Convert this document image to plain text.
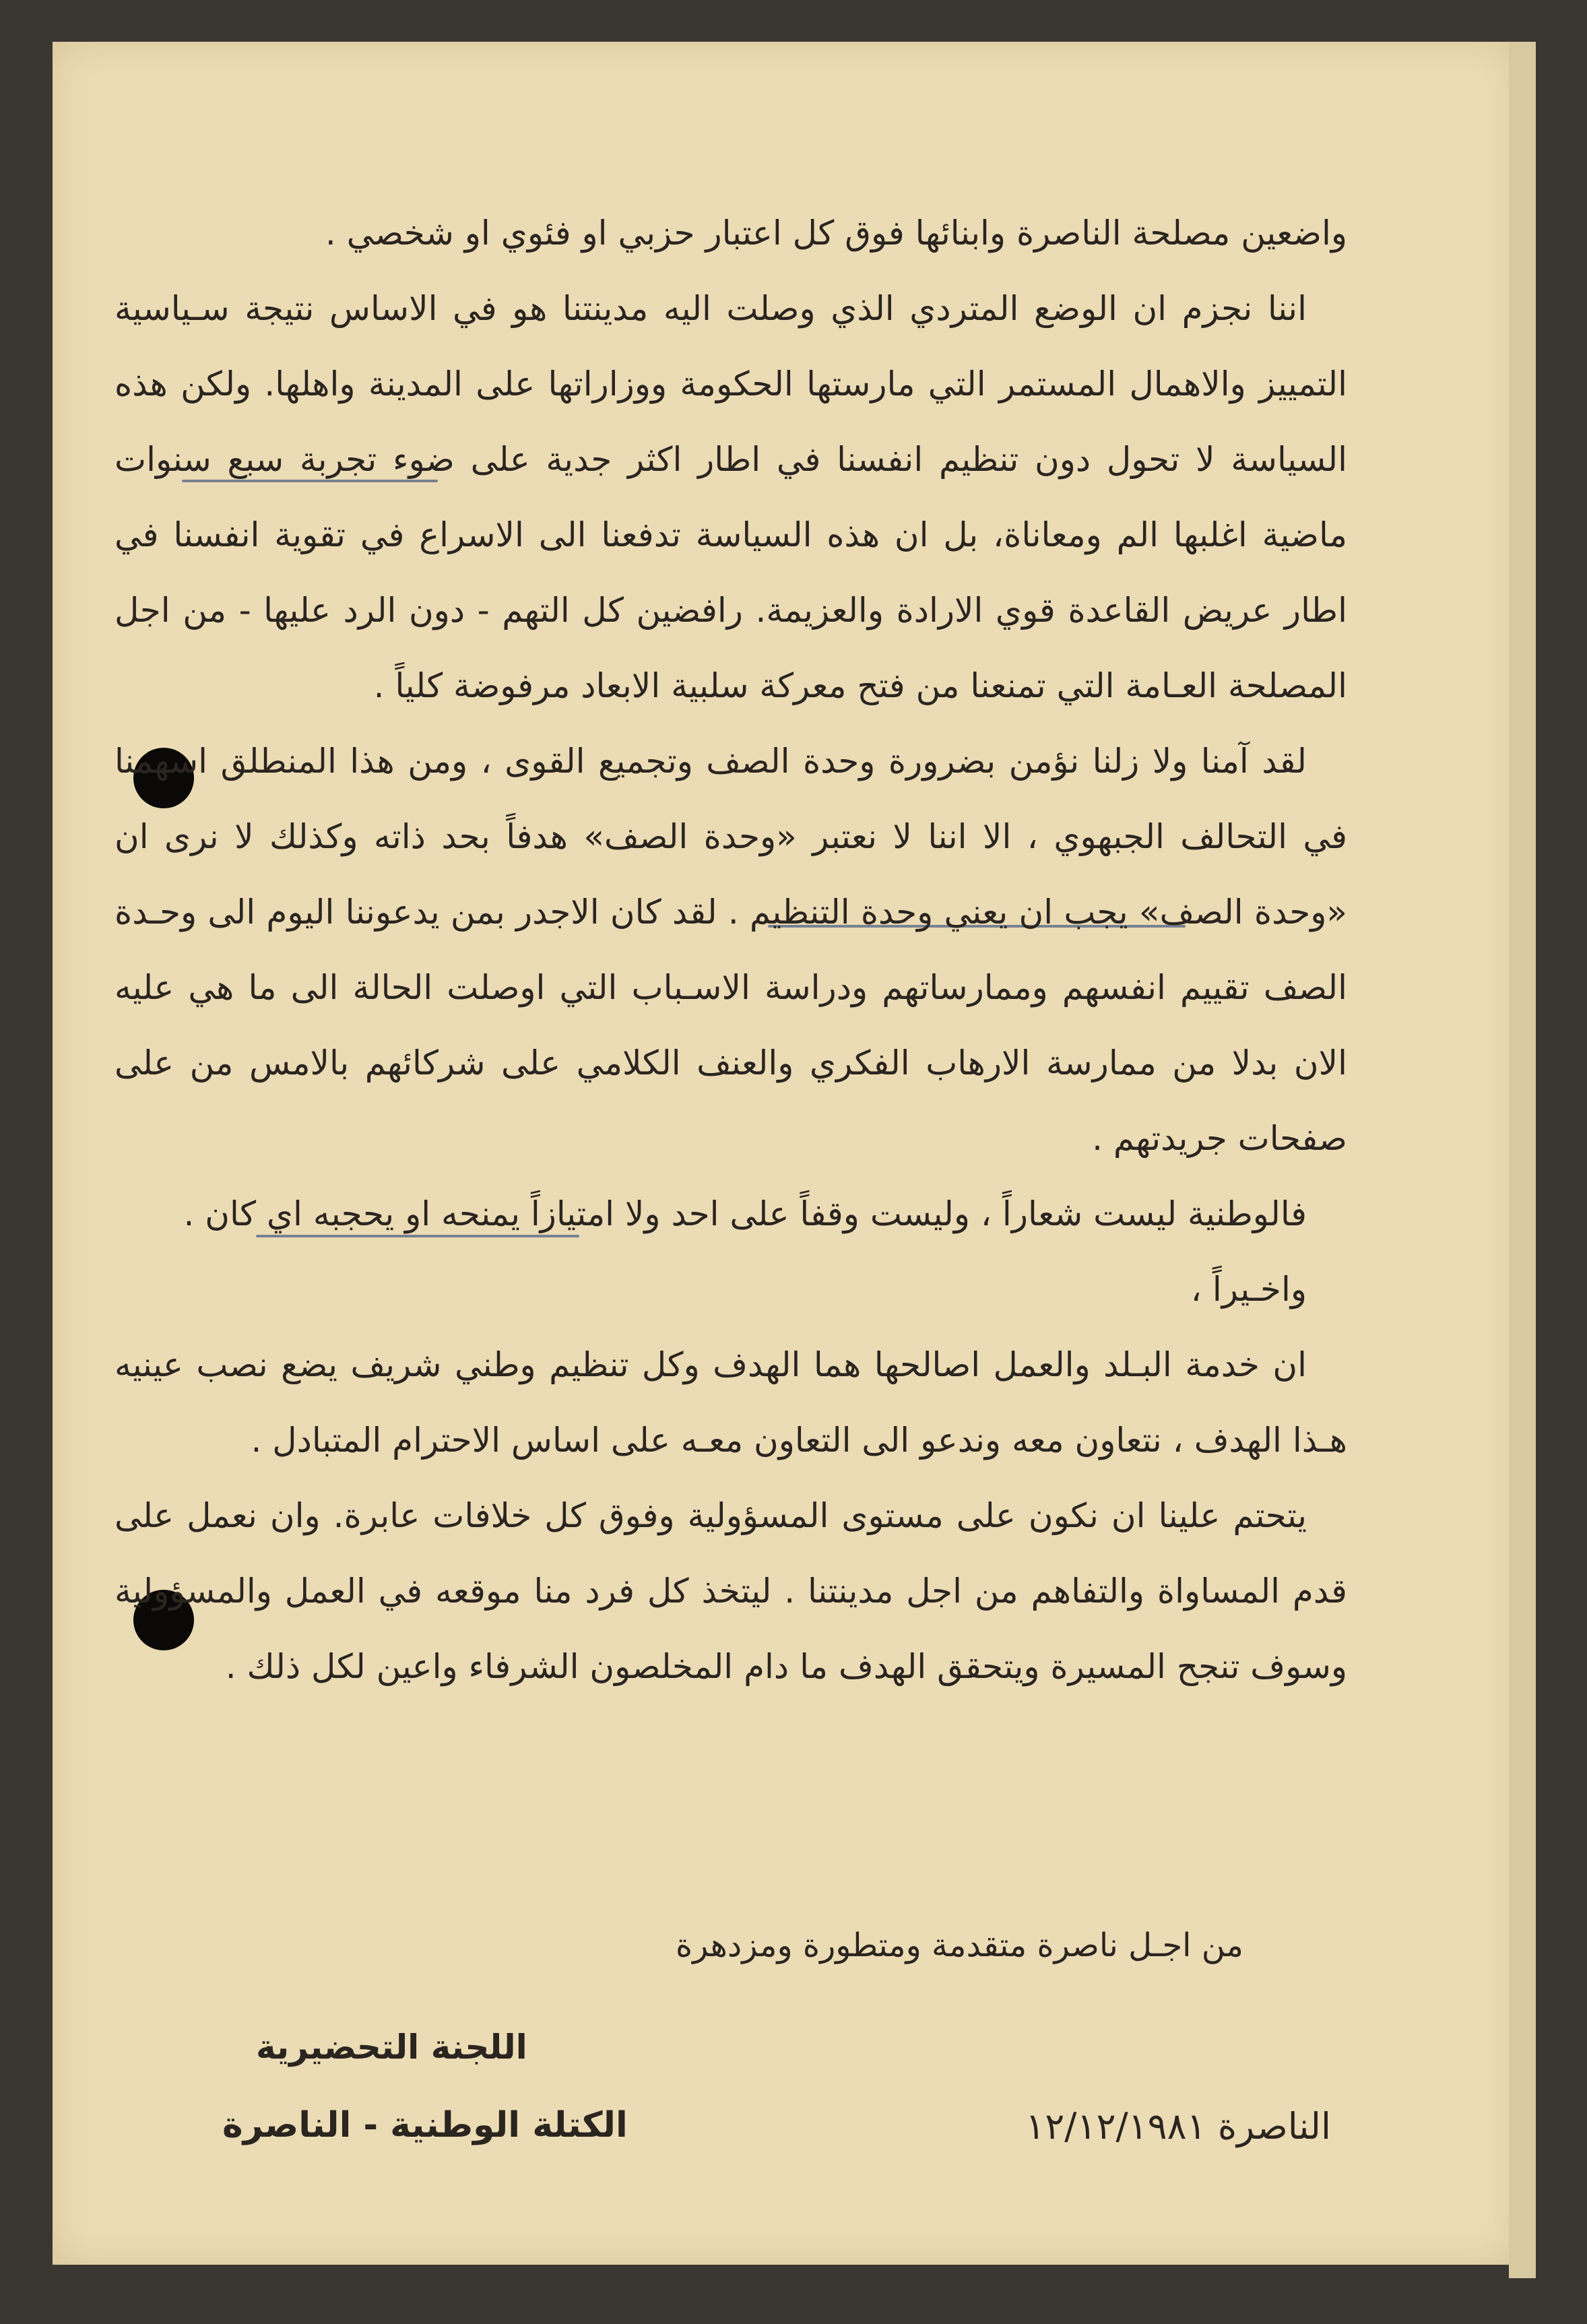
واضعين مصلحة الناصرة وابنائها فوق كل اعتبار حزبي او فئوي او شخصي .

اننا نجزم ان الوضع المتردي الذي وصلت اليه مدينتنا هو في الاساس نتيجة سـياسية التمييز والاهمال المستمر التي مارستها الحكومة ووزاراتها على المدينة واهلها. ولكن هذه السياسة لا تحول دون تنظيم انفسنا في اطار اكثر جدية على ضوء تجربة سبع سنوات ماضية اغلبها الم ومعاناة، بل ان هذه السياسة تدفعنا الى الاسراع في تقوية انفسنا في اطار عريض القاعدة قوي الارادة والعزيمة. رافضين كل التهم - دون الرد عليها - من اجل المصلحة العـامة التي تمنعنا من فتح معركة سلبية الابعاد مرفوضة كلياً .

لقد آمنا ولا زلنا نؤمن بضرورة وحدة الصف وتجميع القوى ، ومن هذا المنطلق اسهمنا في التحالف الجبهوي ، الا اننا لا نعتبر «وحدة الصف» هدفاً بحد ذاته وكذلك لا نرى ان «وحدة الصف» يجب ان يعني وحدة التنظيم . لقد كان الاجدر بمن يدعوننا اليوم الى وحـدة الصف تقييم انفسهم وممارساتهم ودراسة الاسـباب التي اوصلت الحالة الى ما هي عليه الان بدلا من ممارسة الارهاب الفكري والعنف الكلامي على شركائهم بالامس من على صفحات جريدتهم .

فالوطنية ليست شعاراً ، وليست وقفاً على احد ولا امتيازاً يمنحه او يحجبه اي كان .

واخـيراً ،

ان خدمة البـلد والعمل اصالحها هما الهدف وكل تنظيم وطني شريف يضع نصب عينيه هـذا الهدف ، نتعاون معه وندعو الى التعاون معـه على اساس الاحترام المتبادل .

يتحتم علينا ان نكون على مستوى المسؤولية وفوق كل خلافات عابرة. وان نعمل على قدم المساواة والتفاهم من اجل مدينتنا . ليتخذ كل فرد منا موقعه في العمل والمسؤولية وسوف تنجح المسيرة ويتحقق الهدف ما دام المخلصون الشرفاء واعين لكل ذلك .

من اجـل ناصرة متقدمة ومتطورة ومزدهرة
اللجنة التحضيرية
الكتلة الوطنية - الناصرة	الناصرة ١٢/١٢/١٩٨١
